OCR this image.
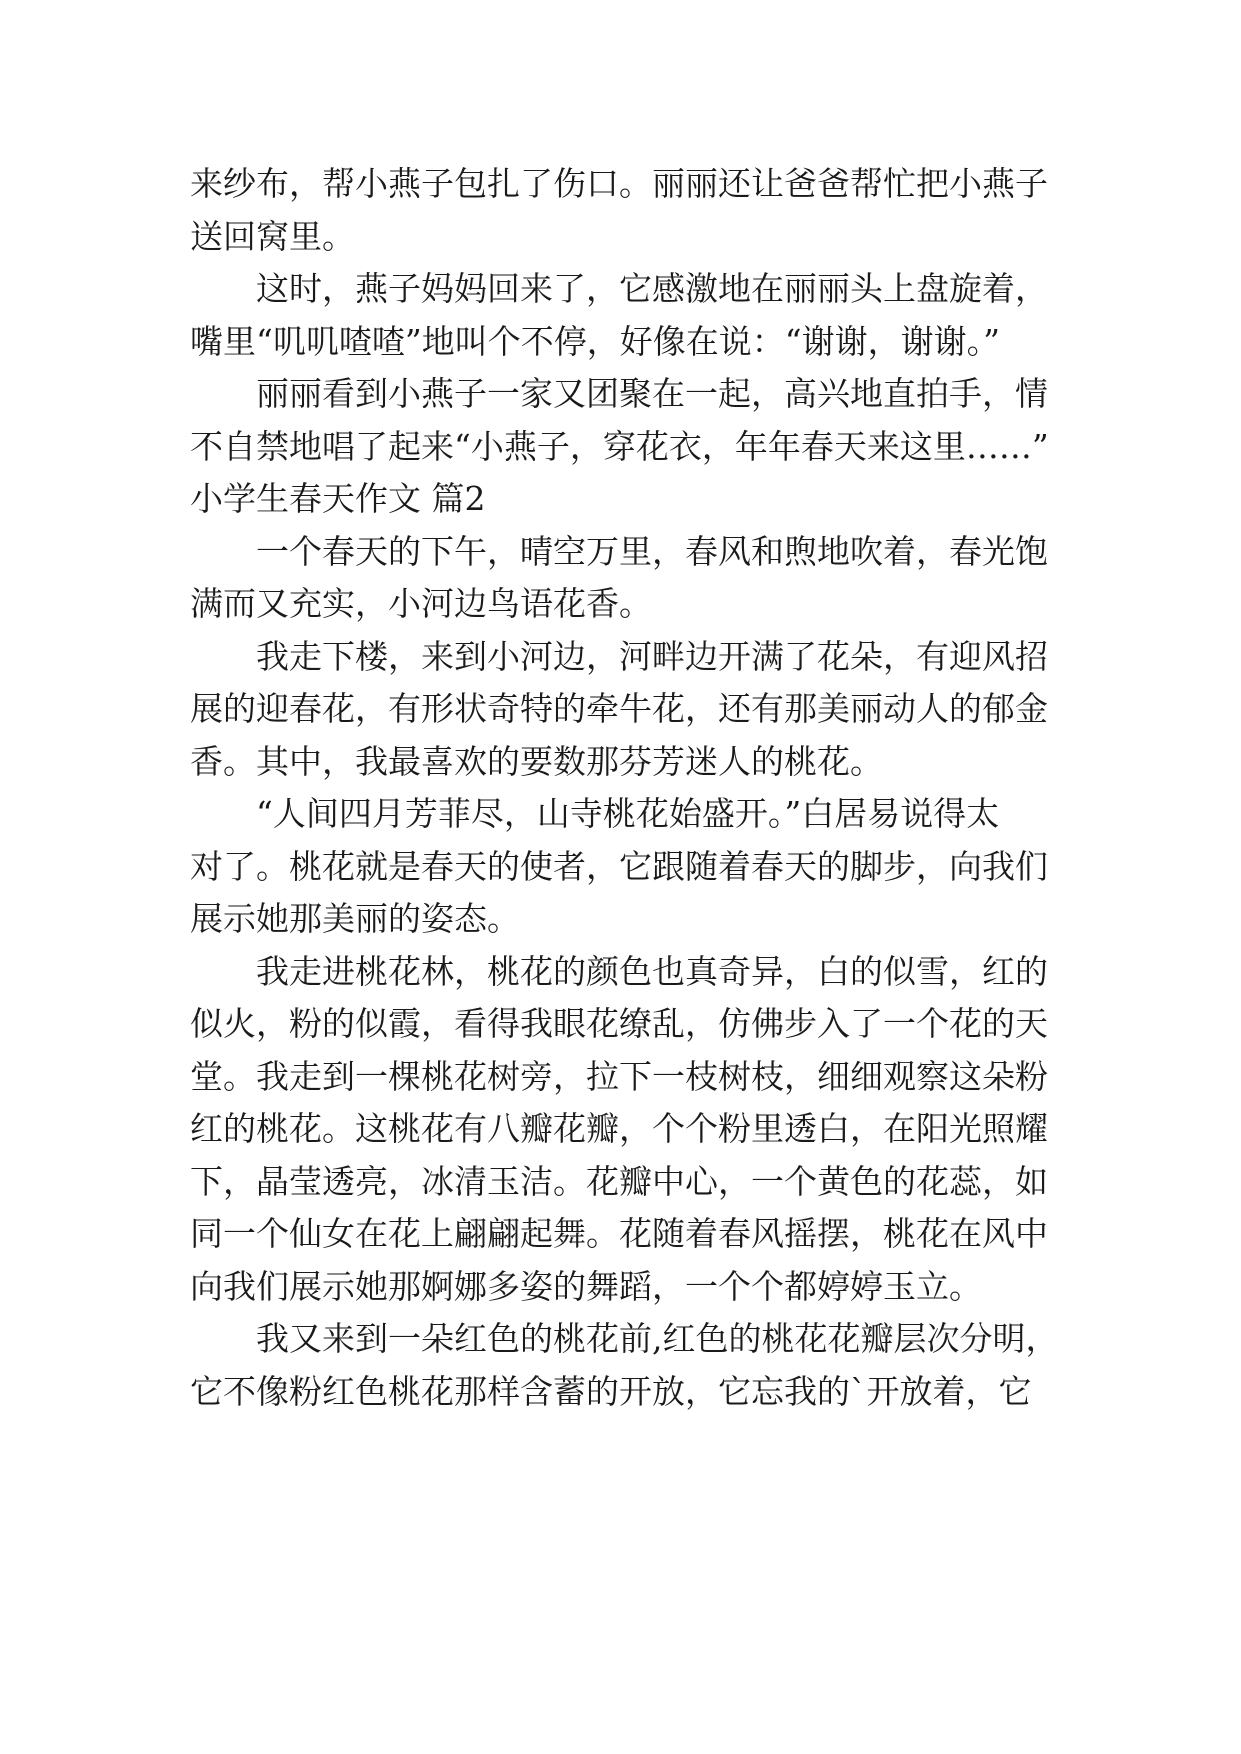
来纱布，帮小燕子包扎了伤口。丽丽还让爸爸帮忙把小燕子
送回窝里。
这时，燕子妈妈回来了，它感激地在丽丽头上盘旋着，
嘴里“叽叽喳喳”地叫个不停，好像在说：“谢谢，谢谢。”
丽丽看到小燕子一家又团聚在一起，高兴地直拍手，情
不自禁地唱了起来“小燕子，穿花衣，年年春天来这里……”
小学生春天作文 篇2
一个春天的下午，晴空万里，春风和煦地吹着，春光饱
满而又充实，小河边鸟语花香。
我走下楼，来到小河边，河畔边开满了花朵，有迎风招
展的迎春花，有形状奇特的牵牛花，还有那美丽动人的郁金
香。其中，我最喜欢的要数那芬芳迷人的桃花。
“人间四月芳菲尽，山寺桃花始盛开。”白居易说得太
对了。桃花就是春天的使者，它跟随着春天的脚步，向我们
展示她那美丽的姿态。
我走进桃花林，桃花的颜色也真奇异，白的似雪，红的
似火，粉的似霞，看得我眼花缭乱，仿佛步入了一个花的天
堂。我走到一棵桃花树旁，拉下一枝树枝，细细观察这朵粉
红的桃花。这桃花有八瓣花瓣，个个粉里透白，在阳光照耀
下，晶莹透亮，冰清玉洁。花瓣中心，一个黄色的花蕊，如
同一个仙女在花上翩翩起舞。花随着春风摇摆，桃花在风中
向我们展示她那婀娜多姿的舞蹈，一个个都婷婷玉立。
我又来到一朵红色的桃花前,红色的桃花花瓣层次分明，
它不像粉红色桃花那样含蓄的开放，它忘我的`开放着，它
